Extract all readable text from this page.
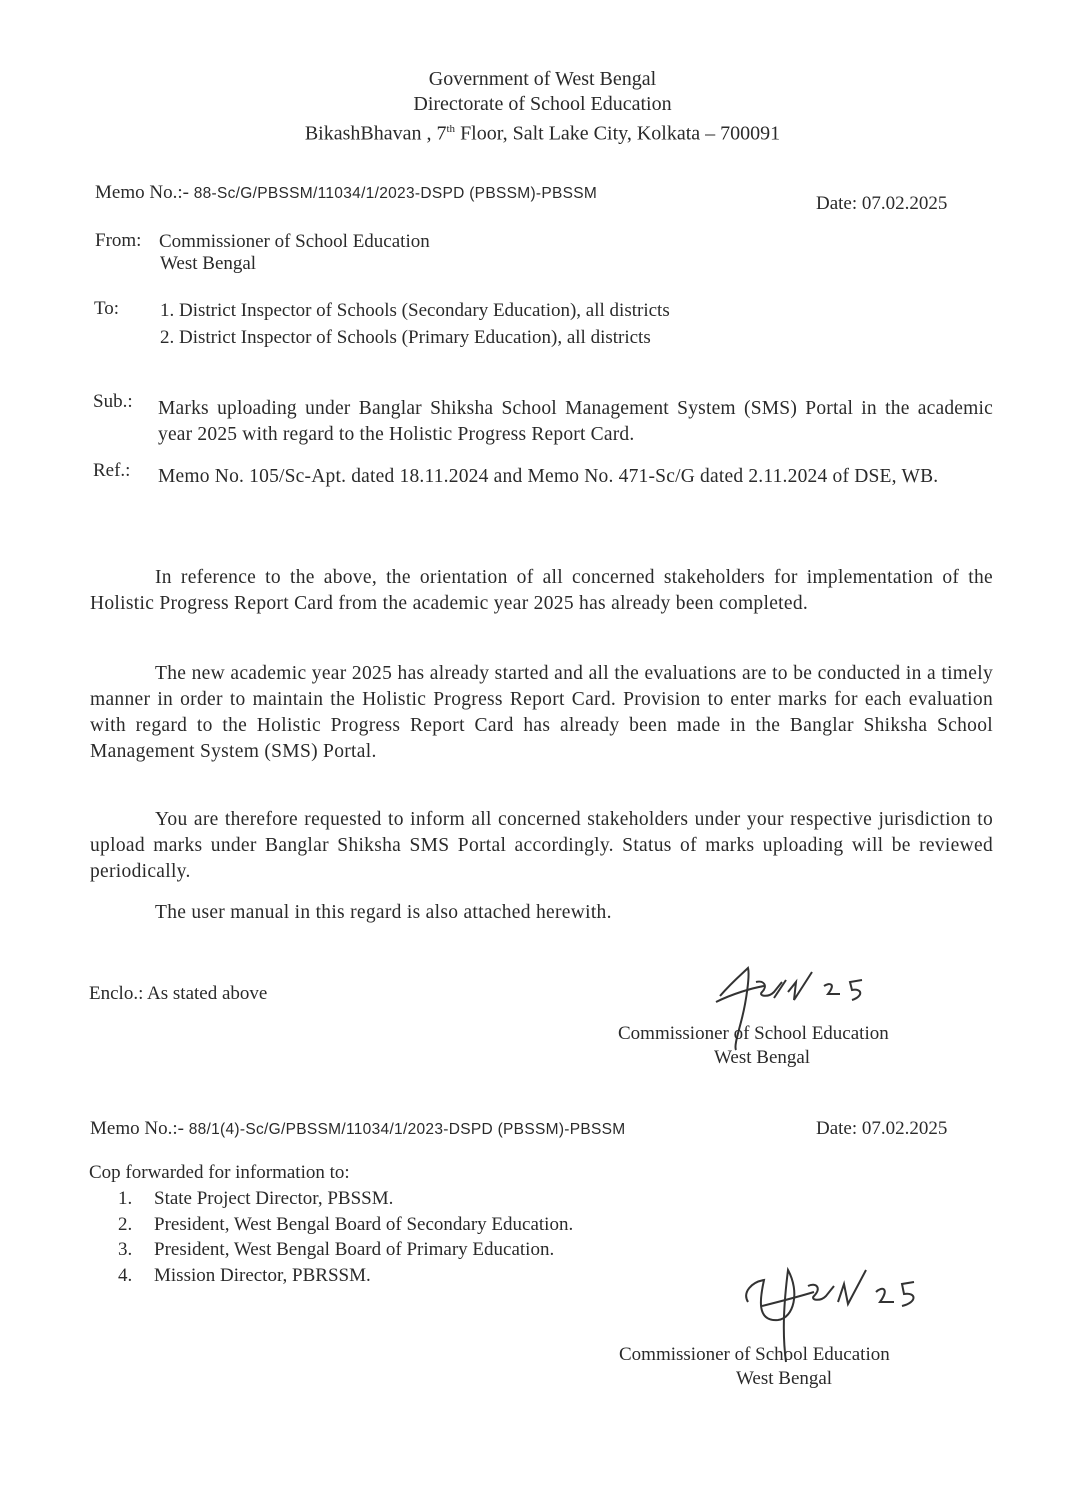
Government of West Bengal
Directorate of School Education
BikashBhavan , 7th Floor, Salt Lake City, Kolkata – 700091
Memo No.:- 88-Sc/G/PBSSM/11034/1/2023-DSPD (PBSSM)-PBSSM	Date: 07.02.2025
From: Commissioner of School Education
West Bengal
To: 1. District Inspector of Schools (Secondary Education), all districts
2. District Inspector of Schools (Primary Education), all districts
Sub.: Marks uploading under Banglar Shiksha School Management System (SMS) Portal in the academic year 2025 with regard to the Holistic Progress Report Card.
Ref.: Memo No. 105/Sc-Apt. dated 18.11.2024 and Memo No. 471-Sc/G dated 2.11.2024 of DSE, WB.
In reference to the above, the orientation of all concerned stakeholders for implementation of the Holistic Progress Report Card from the academic year 2025 has already been completed.
The new academic year 2025 has already started and all the evaluations are to be conducted in a timely manner in order to maintain the Holistic Progress Report Card. Provision to enter marks for each evaluation with regard to the Holistic Progress Report Card has already been made in the Banglar Shiksha School Management System (SMS) Portal.
You are therefore requested to inform all concerned stakeholders under your respective jurisdiction to upload marks under Banglar Shiksha SMS Portal accordingly. Status of marks uploading will be reviewed periodically.
The user manual in this regard is also attached herewith.
Enclo.: As stated above
Commissioner of School Education
West Bengal
Memo No.:- 88/1(4)-Sc/G/PBSSM/11034/1/2023-DSPD (PBSSM)-PBSSM	Date: 07.02.2025
Cop forwarded for information to:
1. State Project Director, PBSSM.
2. President, West Bengal Board of Secondary Education.
3. President, West Bengal Board of Primary Education.
4. Mission Director, PBRSSM.
Commissioner of School Education
West Bengal
